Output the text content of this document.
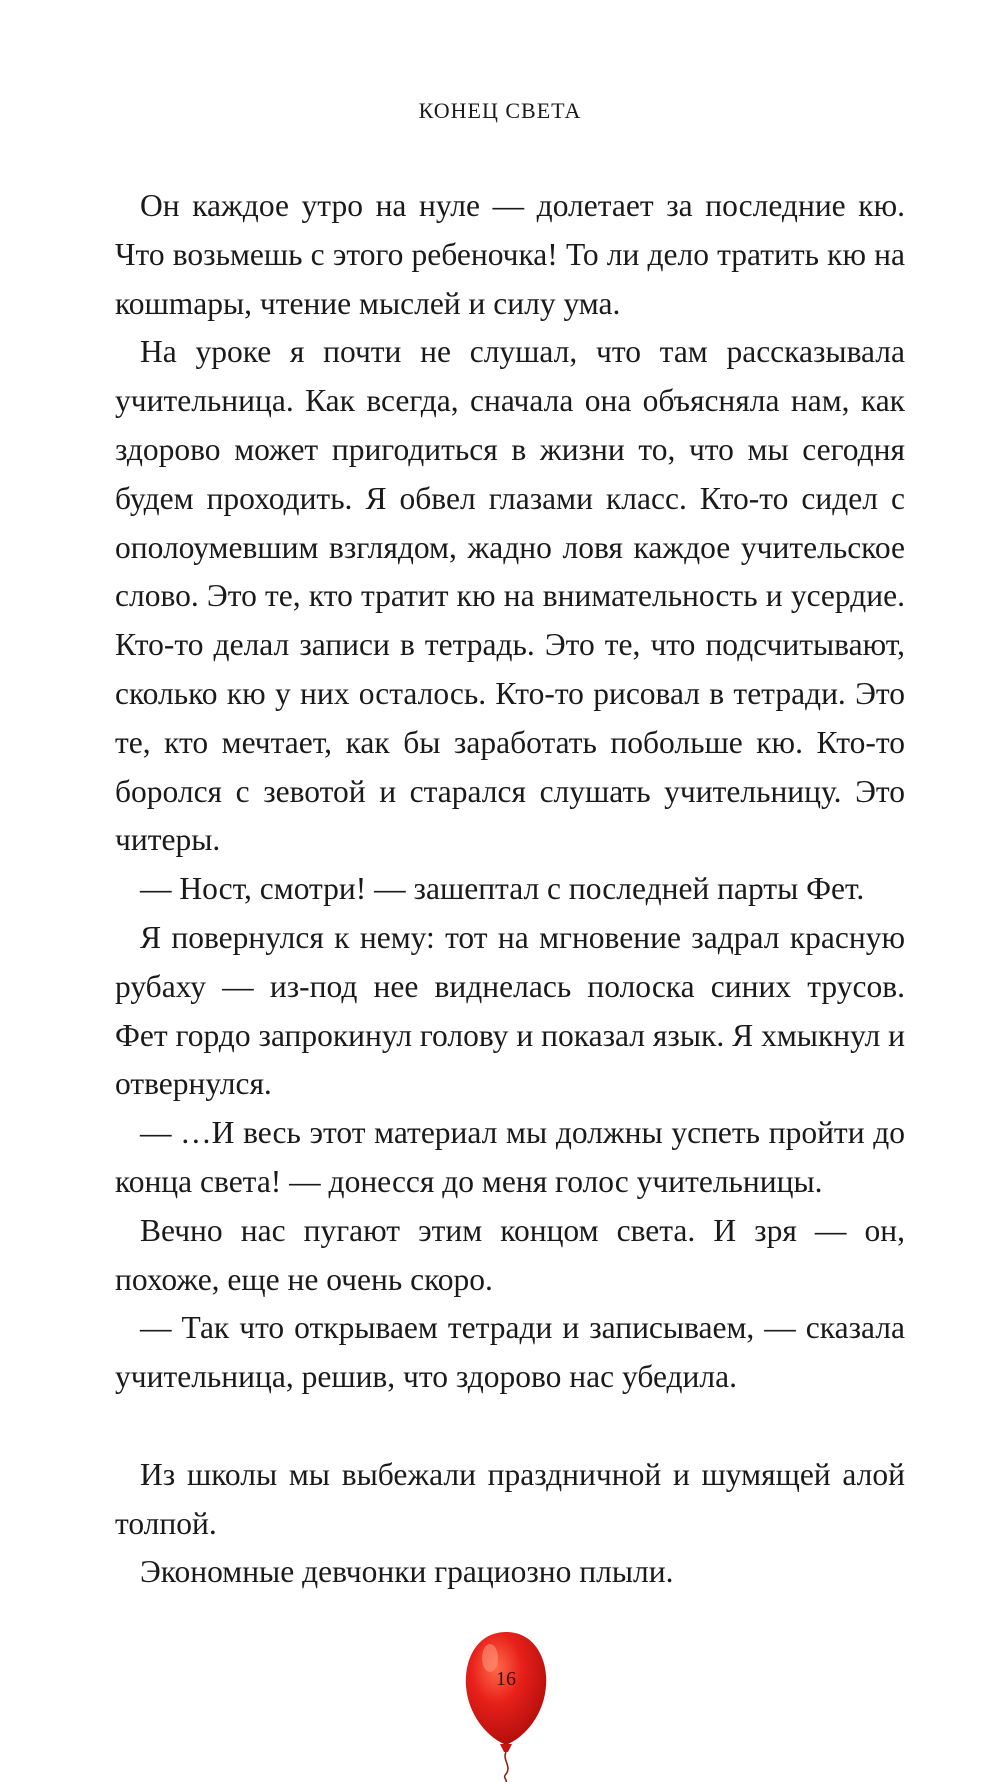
КОНЕЦ СВЕТА

Он каждое утро на нуле — долетает за последние кю. Что возьмешь с этого ребеночка! То ли дело тратить кю на кошmары, чтение мыслей и силу ума.

На уроке я почти не слушал, что там рассказывала учительница. Как всегда, сначала она объясняла нам, как здорово может пригодиться в жизни то, что мы сегодня будем проходить. Я обвел глазами класс. Кто-то сидел с ополоумевшим взглядом, жадно ловя каждое учительское слово. Это те, кто тратит кю на внимательность и усердие. Кто-то делал записи в тетрадь. Это те, что подсчитывают, сколько кю у них осталось. Кто-то рисовал в тетради. Это те, кто мечтает, как бы заработать побольше кю. Кто-то боролся с зевотой и старался слушать учительницу. Это читеры.

— Ност, смотри! — зашептал с последней парты Фет.

Я повернулся к нему: тот на мгновение задрал красную рубаху — из-под нее виднелась полоска синих трусов. Фет гордо запрокинул голову и показал язык. Я хмыкнул и отвернулся.

— …И весь этот материал мы должны успеть пройти до конца света! — донесся до меня голос учительницы.

Вечно нас пугают этим концом света. И зря — он, похоже, еще не очень скоро.

— Так что открываем тетради и записываем, — сказала учительница, решив, что здорово нас убедила.

Из школы мы выбежали праздничной и шумящей алой толпой.

Экономные девчонки грациозно плыли.

16
